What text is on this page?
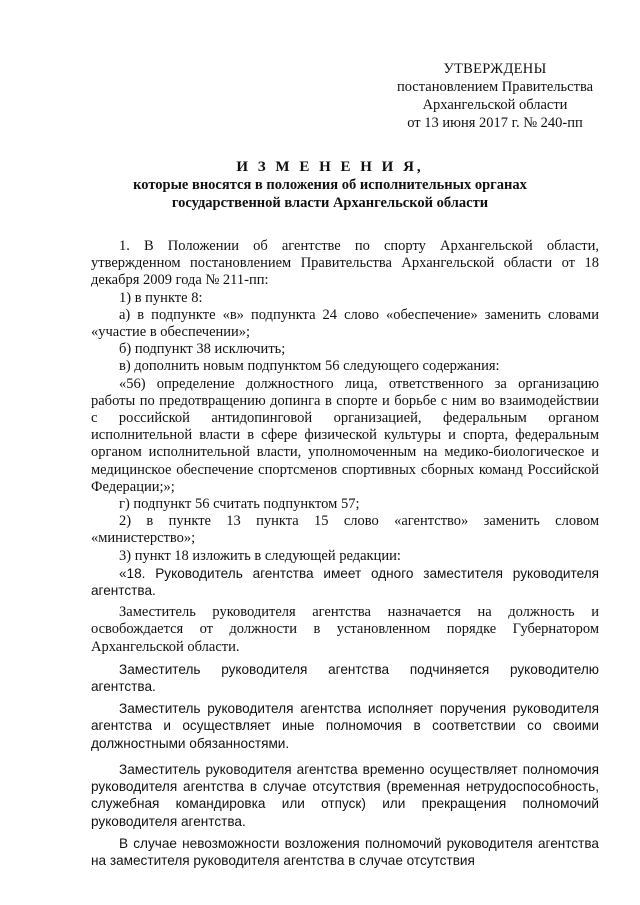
УТВЕРЖДЕНЫ
постановлением Правительства
Архангельской области
от 13 июня 2017 г. № 240-пп
И З М Е Н Е Н И Я,
которые вносятся в положения об исполнительных органах
государственной власти Архангельской области

1. В Положении об агентстве по спорту Архангельской области, утвержденном постановлением Правительства Архангельской области от 18 декабря 2009 года № 211-пп:

1) в пункте 8:

а) в подпункте «в» подпункта 24 слово «обеспечение» заменить словами «участие в обеспечении»;

б) подпункт 38 исключить;

в) дополнить новым подпунктом 56 следующего содержания:

«56) определение должностного лица, ответственного за организацию работы по предотвращению допинга в спорте и борьбе с ним во взаимодействии с российской антидопинговой организацией, федеральным органом исполнительной власти в сфере физической культуры и спорта, федеральным органом исполнительной власти, уполномоченным на медико-биологическое и медицинское обеспечение спортсменов спортивных сборных команд Российской Федерации;»;

г) подпункт 56 считать подпунктом 57;

2) в пункте 13 пункта 15 слово «агентство» заменить словом «министерство»;

3) пункт 18 изложить в следующей редакции:

«18. Руководитель агентства имеет одного заместителя руководителя агентства.

Заместитель руководителя агентства назначается на должность и освобождается от должности в установленном порядке Губернатором Архангельской области.

Заместитель руководителя агентства подчиняется руководителю агентства.

Заместитель руководителя агентства исполняет поручения руководителя агентства и осуществляет иные полномочия в соответствии со своими должностными обязанностями.

Заместитель руководителя агентства временно осуществляет полномочия руководителя агентства в случае отсутствия (временная нетрудоспособность, служебная командировка или отпуск) или прекращения полномочий руководителя агентства.

В случае невозможности возложения полномочий руководителя агентства на заместителя руководителя агентства в случае отсутствия
